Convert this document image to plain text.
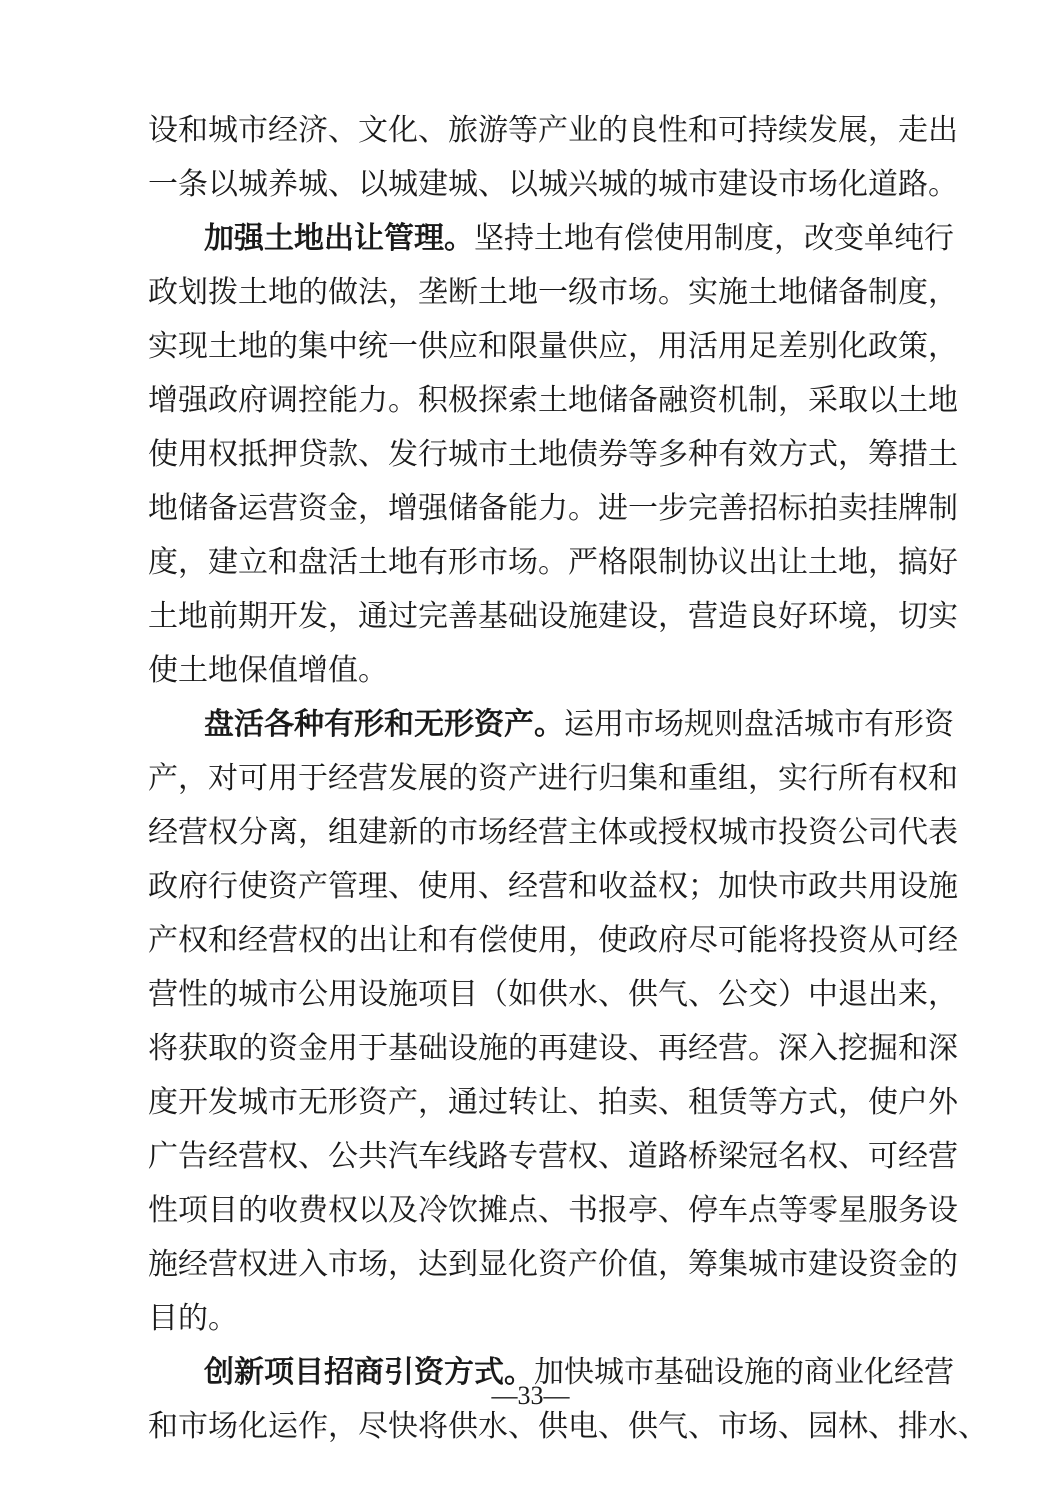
设和城市经济、文化、旅游等产业的良性和可持续发展，走出
一条以城养城、以城建城、以城兴城的城市建设市场化道路。
加强土地出让管理。坚持土地有偿使用制度，改变单纯行
政划拨土地的做法，垄断土地一级市场。实施土地储备制度，
实现土地的集中统一供应和限量供应，用活用足差别化政策，
增强政府调控能力。积极探索土地储备融资机制，采取以土地
使用权抵押贷款、发行城市土地债券等多种有效方式，筹措土
地储备运营资金，增强储备能力。进一步完善招标拍卖挂牌制
度，建立和盘活土地有形市场。严格限制协议出让土地，搞好
土地前期开发，通过完善基础设施建设，营造良好环境，切实
使土地保值增值。
盘活各种有形和无形资产。运用市场规则盘活城市有形资
产，对可用于经营发展的资产进行归集和重组，实行所有权和
经营权分离，组建新的市场经营主体或授权城市投资公司代表
政府行使资产管理、使用、经营和收益权；加快市政共用设施
产权和经营权的出让和有偿使用，使政府尽可能将投资从可经
营性的城市公用设施项目（如供水、供气、公交）中退出来，
将获取的资金用于基础设施的再建设、再经营。深入挖掘和深
度开发城市无形资产，通过转让、拍卖、租赁等方式，使户外
广告经营权、公共汽车线路专营权、道路桥梁冠名权、可经营
性项目的收费权以及冷饮摊点、书报亭、停车点等零星服务设
施经营权进入市场，达到显化资产价值，筹集城市建设资金的
目的。
创新项目招商引资方式。加快城市基础设施的商业化经营
和市场化运作，尽快将供水、供电、供气、市场、园林、排水、
—33—
